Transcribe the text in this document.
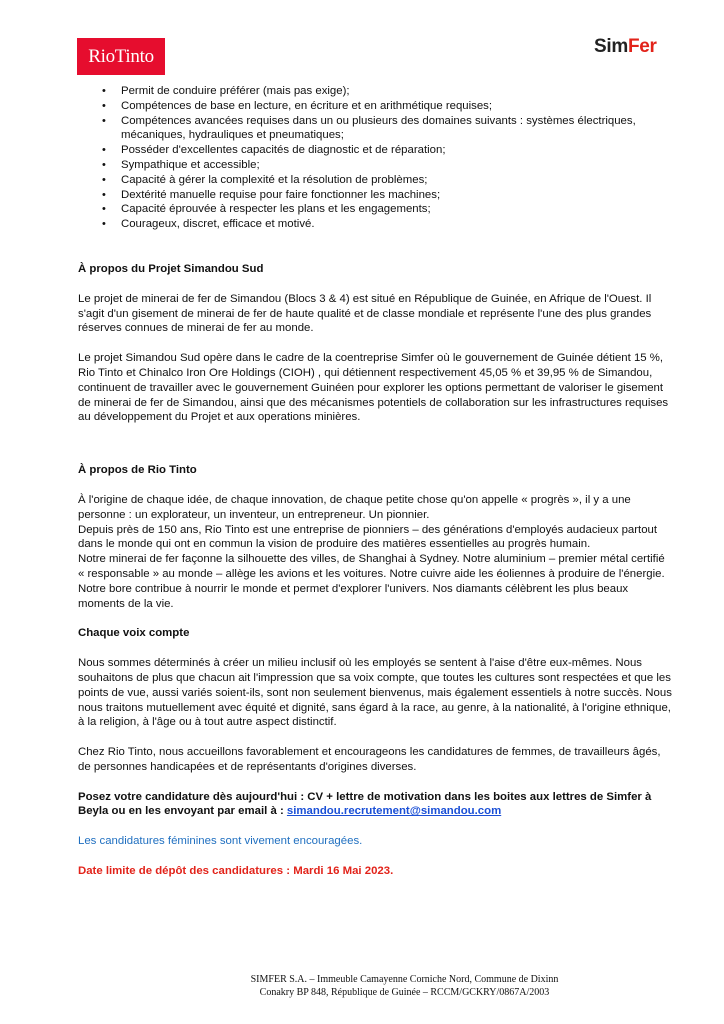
RioTinto	SimFer
• Permit de conduire préférer (mais pas exige);
• Compétences de base en lecture, en écriture et en arithmétique requises;
• Compétences avancées requises dans un ou plusieurs des domaines suivants : systèmes électriques, mécaniques, hydrauliques et pneumatiques;
• Posséder d'excellentes capacités de diagnostic et de réparation;
• Sympathique et accessible;
• Capacité à gérer la complexité et la résolution de problèmes;
• Dextérité manuelle requise pour faire fonctionner les machines;
• Capacité éprouvée à respecter les plans et les engagements;
• Courageux, discret, efficace et motivé.

À propos du Projet Simandou Sud

Le projet de minerai de fer de Simandou (Blocs 3 & 4) est situé en République de Guinée, en Afrique de l'Ouest. Il s'agit d'un gisement de minerai de fer de haute qualité et de classe mondiale et représente l'une des plus grandes réserves connues de minerai de fer au monde.

Le projet Simandou Sud opère dans le cadre de la coentreprise Simfer où le gouvernement de Guinée détient 15 %, Rio Tinto et Chinalco Iron Ore Holdings (CIOH) , qui détiennent respectivement 45,05 % et 39,95 % de Simandou, continuent de travailler avec le gouvernement Guinéen pour explorer les options permettant de valoriser le gisement de minerai de fer de Simandou, ainsi que des mécanismes potentiels de collaboration sur les infrastructures requises au développement du Projet et aux operations minières.

À propos de Rio Tinto

À l'origine de chaque idée, de chaque innovation, de chaque petite chose qu'on appelle « progrès », il y a une personne : un explorateur, un inventeur, un entrepreneur. Un pionnier.

Depuis près de 150 ans, Rio Tinto est une entreprise de pionniers – des générations d'employés audacieux partout dans le monde qui ont en commun la vision de produire des matières essentielles au progrès humain.

Notre minerai de fer façonne la silhouette des villes, de Shanghai à Sydney. Notre aluminium – premier métal certifié « responsable » au monde – allège les avions et les voitures. Notre cuivre aide les éoliennes à produire de l'énergie. Notre bore contribue à nourrir le monde et permet d'explorer l'univers. Nos diamants célèbrent les plus beaux moments de la vie.

Chaque voix compte

Nous sommes déterminés à créer un milieu inclusif où les employés se sentent à l'aise d'être eux-mêmes. Nous souhaitons de plus que chacun ait l'impression que sa voix compte, que toutes les cultures sont respectées et que les points de vue, aussi variés soient-ils, sont non seulement bienvenus, mais également essentiels à notre succès. Nous nous traitons mutuellement avec équité et dignité, sans égard à la race, au genre, à la nationalité, à l'origine ethnique, à la religion, à l'âge ou à tout autre aspect distinctif.

Chez Rio Tinto, nous accueillons favorablement et encourageons les candidatures de femmes, de travailleurs âgés, de personnes handicapées et de représentants d'origines diverses.

Posez votre candidature dès aujourd'hui : CV + lettre de motivation dans les boites aux lettres de Simfer à Beyla ou en les envoyant par email à : simandou.recrutement@simandou.com

Les candidatures féminines sont vivement encouragées.

Date limite de dépôt des candidatures : Mardi 16 Mai 2023.

SIMFER S.A. – Immeuble Camayenne Corniche Nord, Commune de Dixinn
Conakry BP 848, République de Guinée – RCCM/GCKRY/0867A/2003
